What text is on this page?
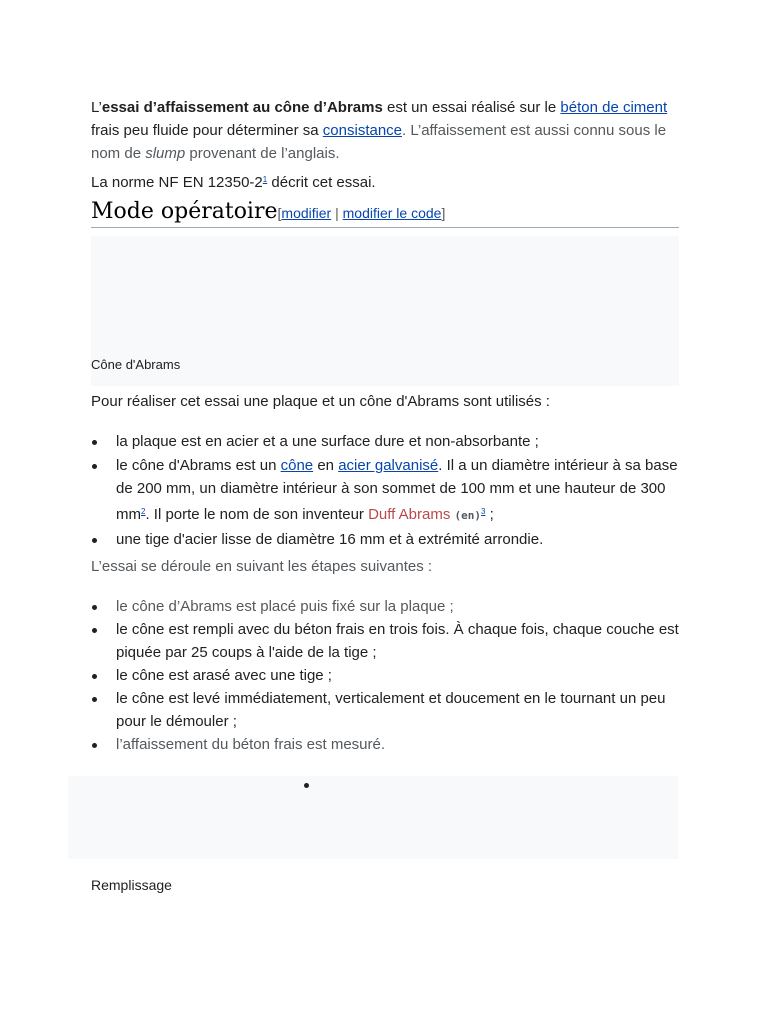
L’essai d’affaissement au cône d’Abrams est un essai réalisé sur le béton de ciment frais peu fluide pour déterminer sa consistance. L’affaissement est aussi connu sous le nom de slump provenant de l’anglais.

La norme NF EN 12350-2$^1$ décrit cet essai.

Mode opératoire [modifier | modifier le code]
Cône d'Abrams

Pour réaliser cet essai une plaque et un cône d'Abrams sont utilisés :

la plaque est en acier et a une surface dure et non-absorbante ;
le cône d'Abrams est un cône en acier galvanisé. Il a un diamètre intérieur à sa base de 200 mm, un diamètre intérieur à son sommet de 100 mm et une hauteur de 300 mm$^2$. Il porte le nom de son inventeur Duff Abrams (en)$^3$ ;
une tige d'acier lisse de diamètre 16 mm et à extrémité arrondie.

L’essai se déroule en suivant les étapes suivantes :

le cône d’Abrams est placé puis fixé sur la plaque ;
le cône est rempli avec du béton frais en trois fois. À chaque fois, chaque couche est piquée par 25 coups à l'aide de la tige ;
le cône est arasé avec une tige ;
le cône est levé immédiatement, verticalement et doucement en le tournant un peu pour le démouler ;
l’affaissement du béton frais est mesuré.
Remplissage
